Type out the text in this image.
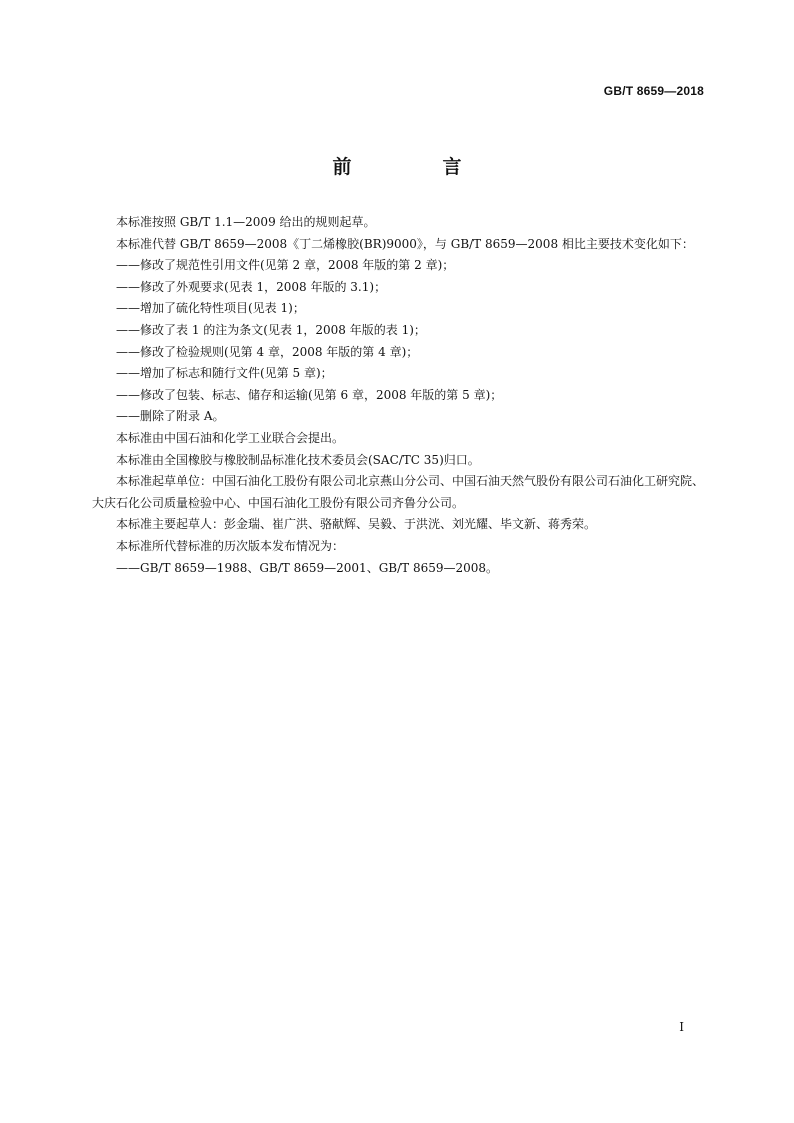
GB/T 8659—2018
前　言

本标准按照 GB/T 1.1—2009 给出的规则起草。

本标准代替 GB/T 8659—2008《丁二烯橡胶(BR)9000》，与 GB/T 8659—2008 相比主要技术变化如下：

——修改了规范性引用文件(见第 2 章，2008 年版的第 2 章)；

——修改了外观要求(见表 1，2008 年版的 3.1)；

——增加了硫化特性项目(见表 1)；

——修改了表 1 的注为条文(见表 1，2008 年版的表 1)；

——修改了检验规则(见第 4 章，2008 年版的第 4 章)；

——增加了标志和随行文件(见第 5 章)；

——修改了包装、标志、储存和运输(见第 6 章，2008 年版的第 5 章)；

——删除了附录 A。

本标准由中国石油和化学工业联合会提出。

本标准由全国橡胶与橡胶制品标准化技术委员会(SAC/TC 35)归口。

本标准起草单位：中国石油化工股份有限公司北京燕山分公司、中国石油天然气股份有限公司石油化工研究院、大庆石化公司质量检验中心、中国石油化工股份有限公司齐鲁分公司。

本标准主要起草人：彭金瑞、崔广洪、骆献辉、吴毅、于洪洸、刘光耀、毕文新、蒋秀荣。

本标准所代替标准的历次版本发布情况为：

——GB/T 8659—1988、GB/T 8659—2001、GB/T 8659—2008。

I
